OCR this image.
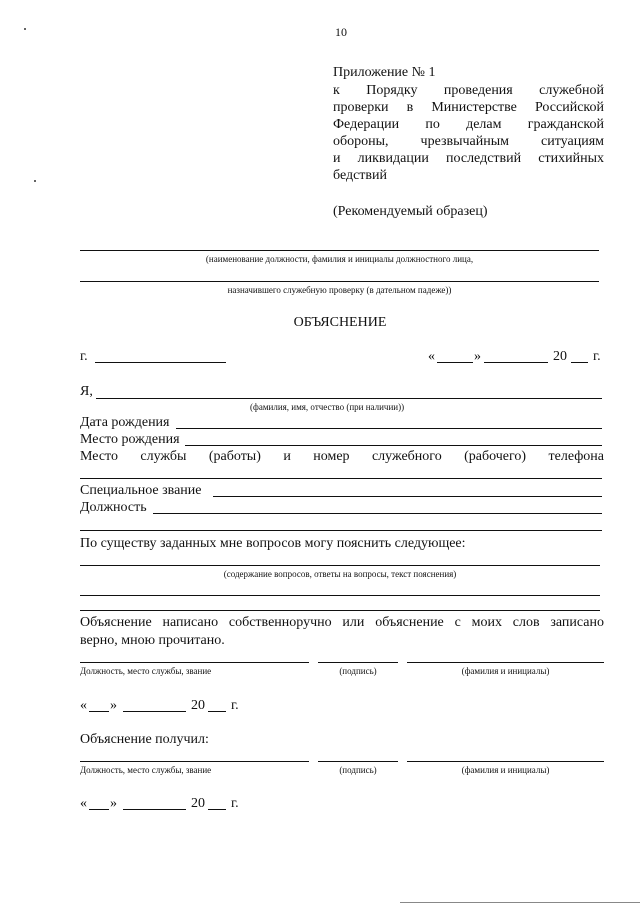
10
Приложение № 1
к Порядку проведения служебной
проверки в Министерстве Российской
Федерации по делам гражданской
обороны, чрезвычайным ситуациям
и ликвидации последствий стихийных
бедствий
(Рекомендуемый образец)
(наименование должности, фамилия и инициалы должностного лица,
назначившего служебную проверку (в дательном падеже))
ОБЪЯСНЕНИЕ
г.	«	»	20 г.
Я,
(фамилия, имя, отчество (при наличии))
Дата рождения
Место рождения
Место службы (работы) и номер служебного (рабочего) телефона
Специальное звание
Должность
По существу заданных мне вопросов могу пояснить следующее:
(содержание вопросов, ответы на вопросы, текст пояснения)
Объяснение написано собственноручно или объяснение с моих слов записано
верно, мною прочитано.
Должность, место службы, звание	(подпись)	(фамилия и инициалы)
« »	20 г.
Объяснение получил:
Должность, место службы, звание	(подпись)	(фамилия и инициалы)
« »	20 г.
